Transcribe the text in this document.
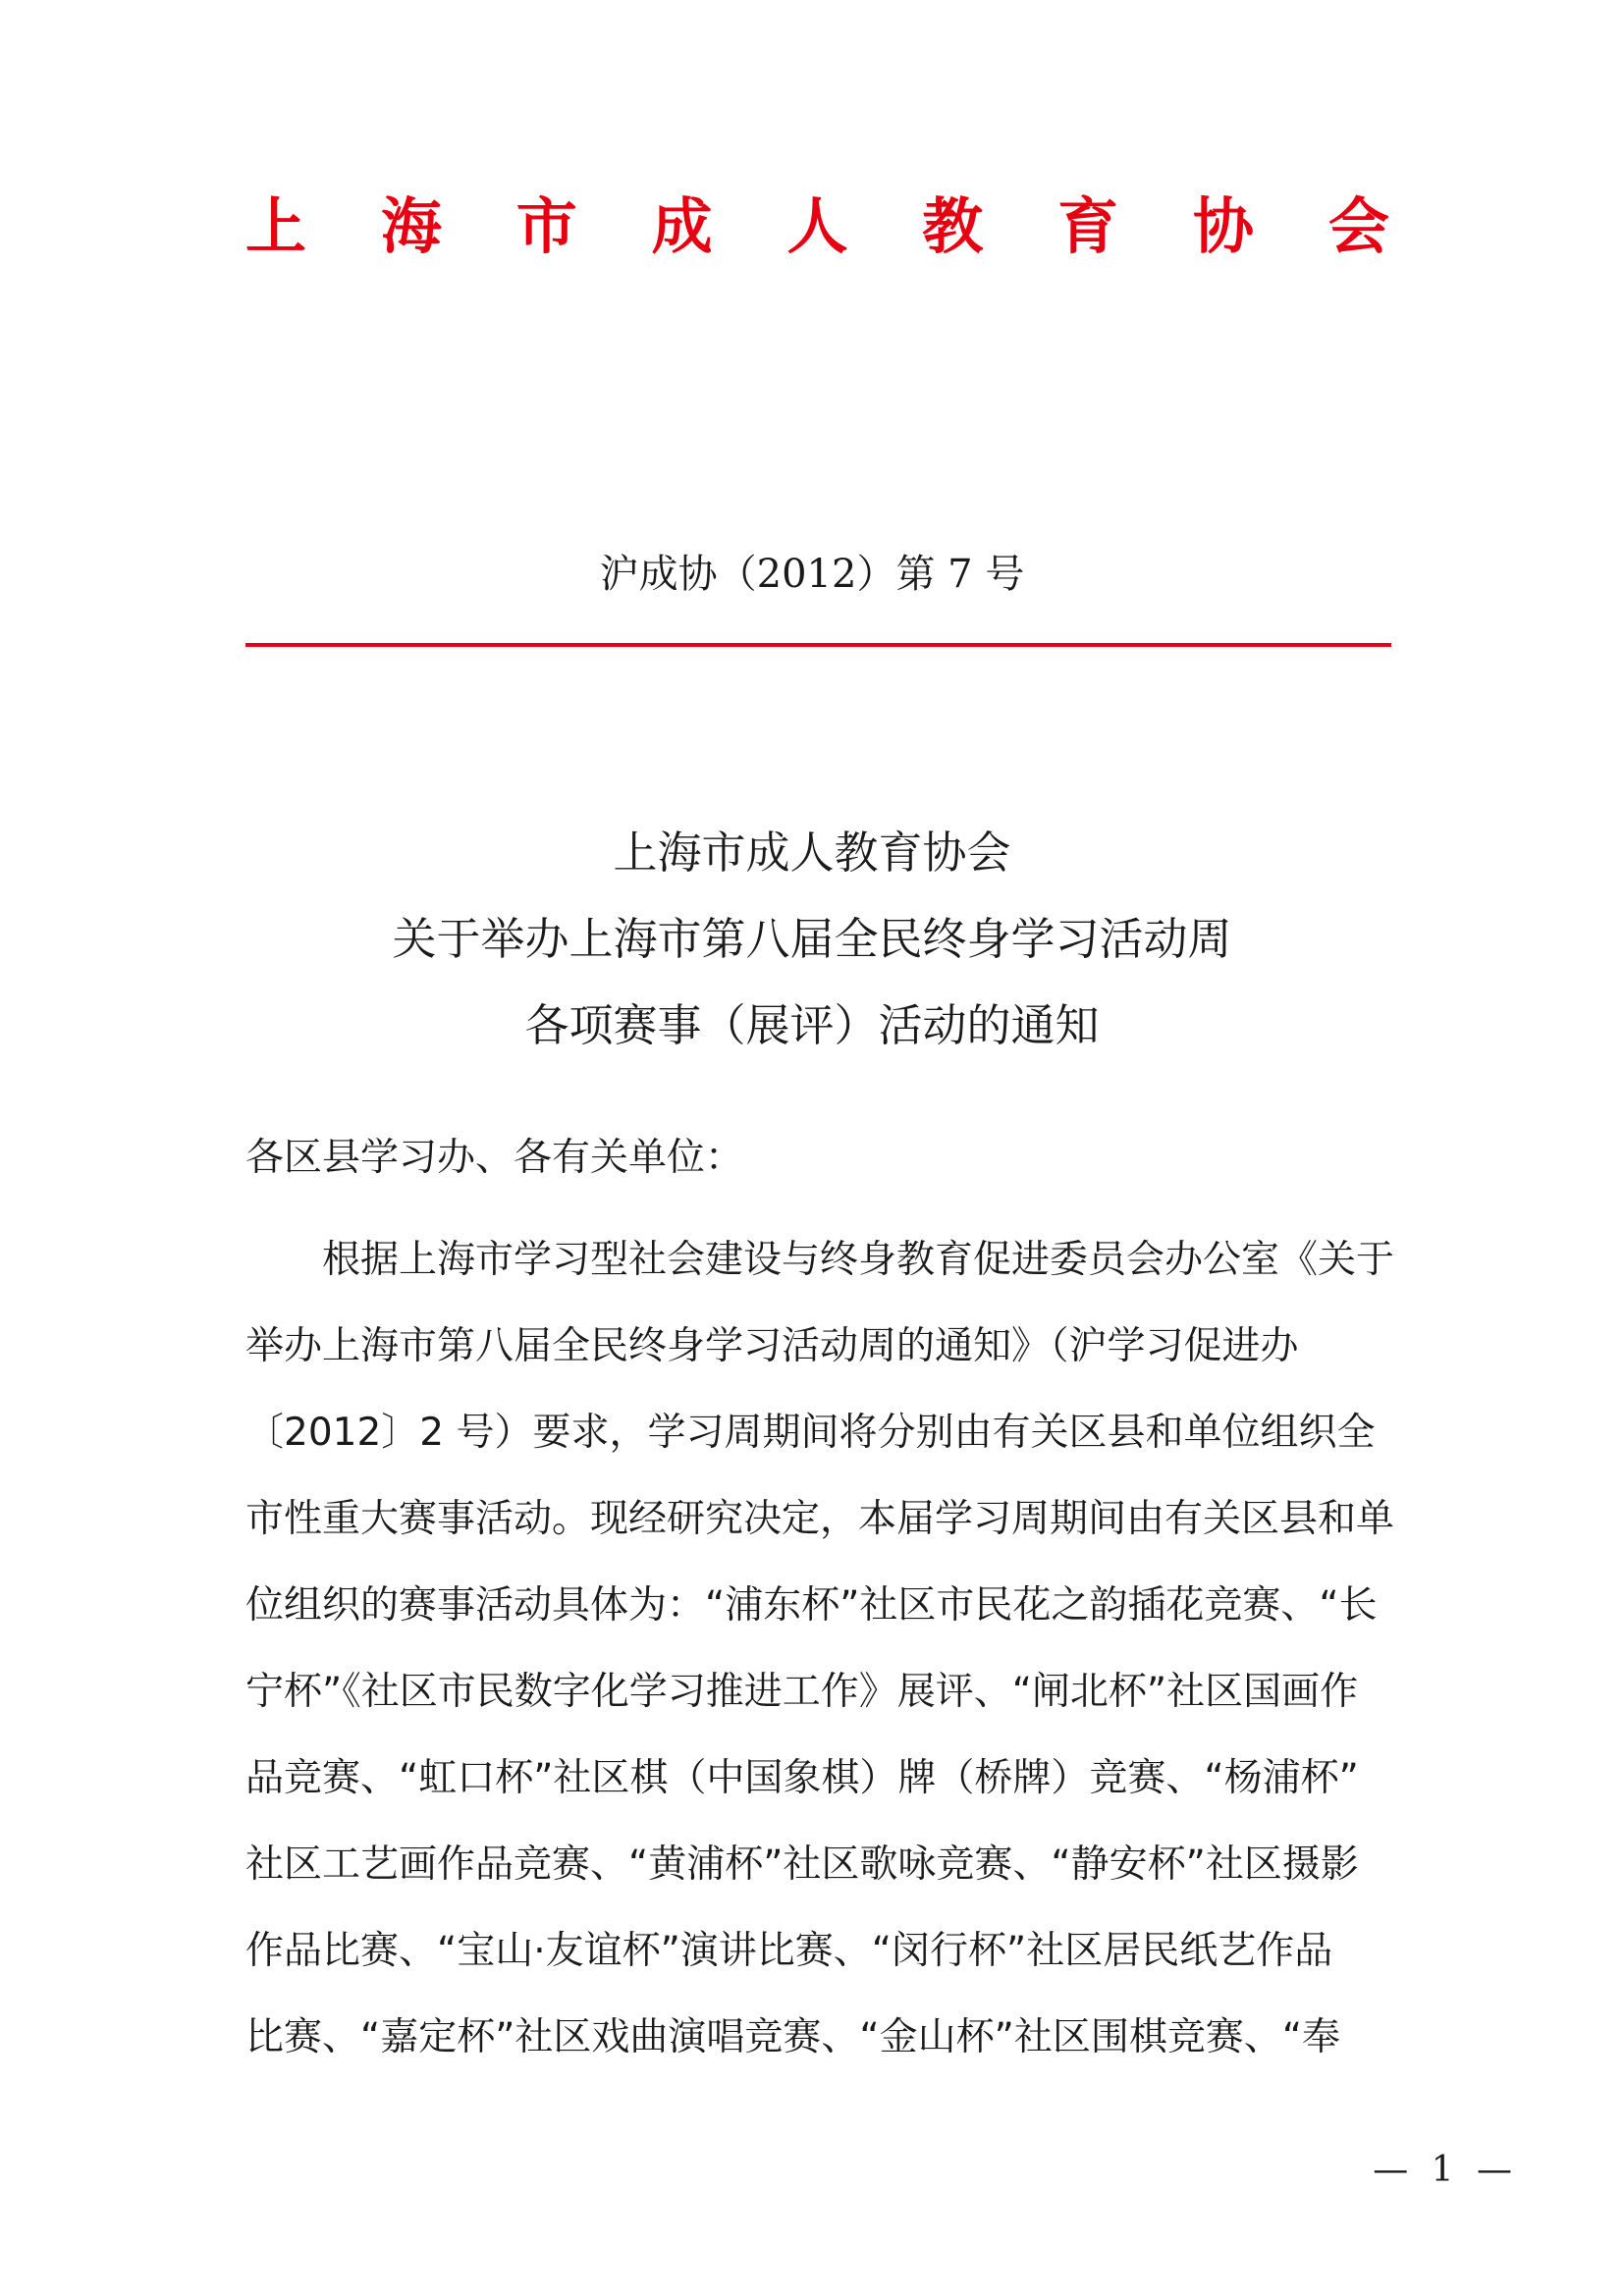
上 海 市 成 人 教 育 协 会
沪成协（2012）第 7 号
上海市成人教育协会
关于举办上海市第八届全民终身学习活动周
各项赛事（展评）活动的通知
各区县学习办、各有关单位：
根据上海市学习型社会建设与终身教育促进委员会办公室《关于
举办上海市第八届全民终身学习活动周的通知》（沪学习促进办
〔2012〕2 号）要求，学习周期间将分别由有关区县和单位组织全
市性重大赛事活动。现经研究决定，本届学习周期间由有关区县和单
位组织的赛事活动具体为：“浦东杯”社区市民花之韵插花竞赛、“长
宁杯”《社区市民数字化学习推进工作》展评、“闸北杯”社区国画作
品竞赛、“虹口杯”社区棋（中国象棋）牌（桥牌）竞赛、“杨浦杯”
社区工艺画作品竞赛、“黄浦杯”社区歌咏竞赛、“静安杯”社区摄影
作品比赛、“宝山·友谊杯”演讲比赛、“闵行杯”社区居民纸艺作品
比赛、“嘉定杯”社区戏曲演唱竞赛、“金山杯”社区围棋竞赛、“奉
— 1 —
